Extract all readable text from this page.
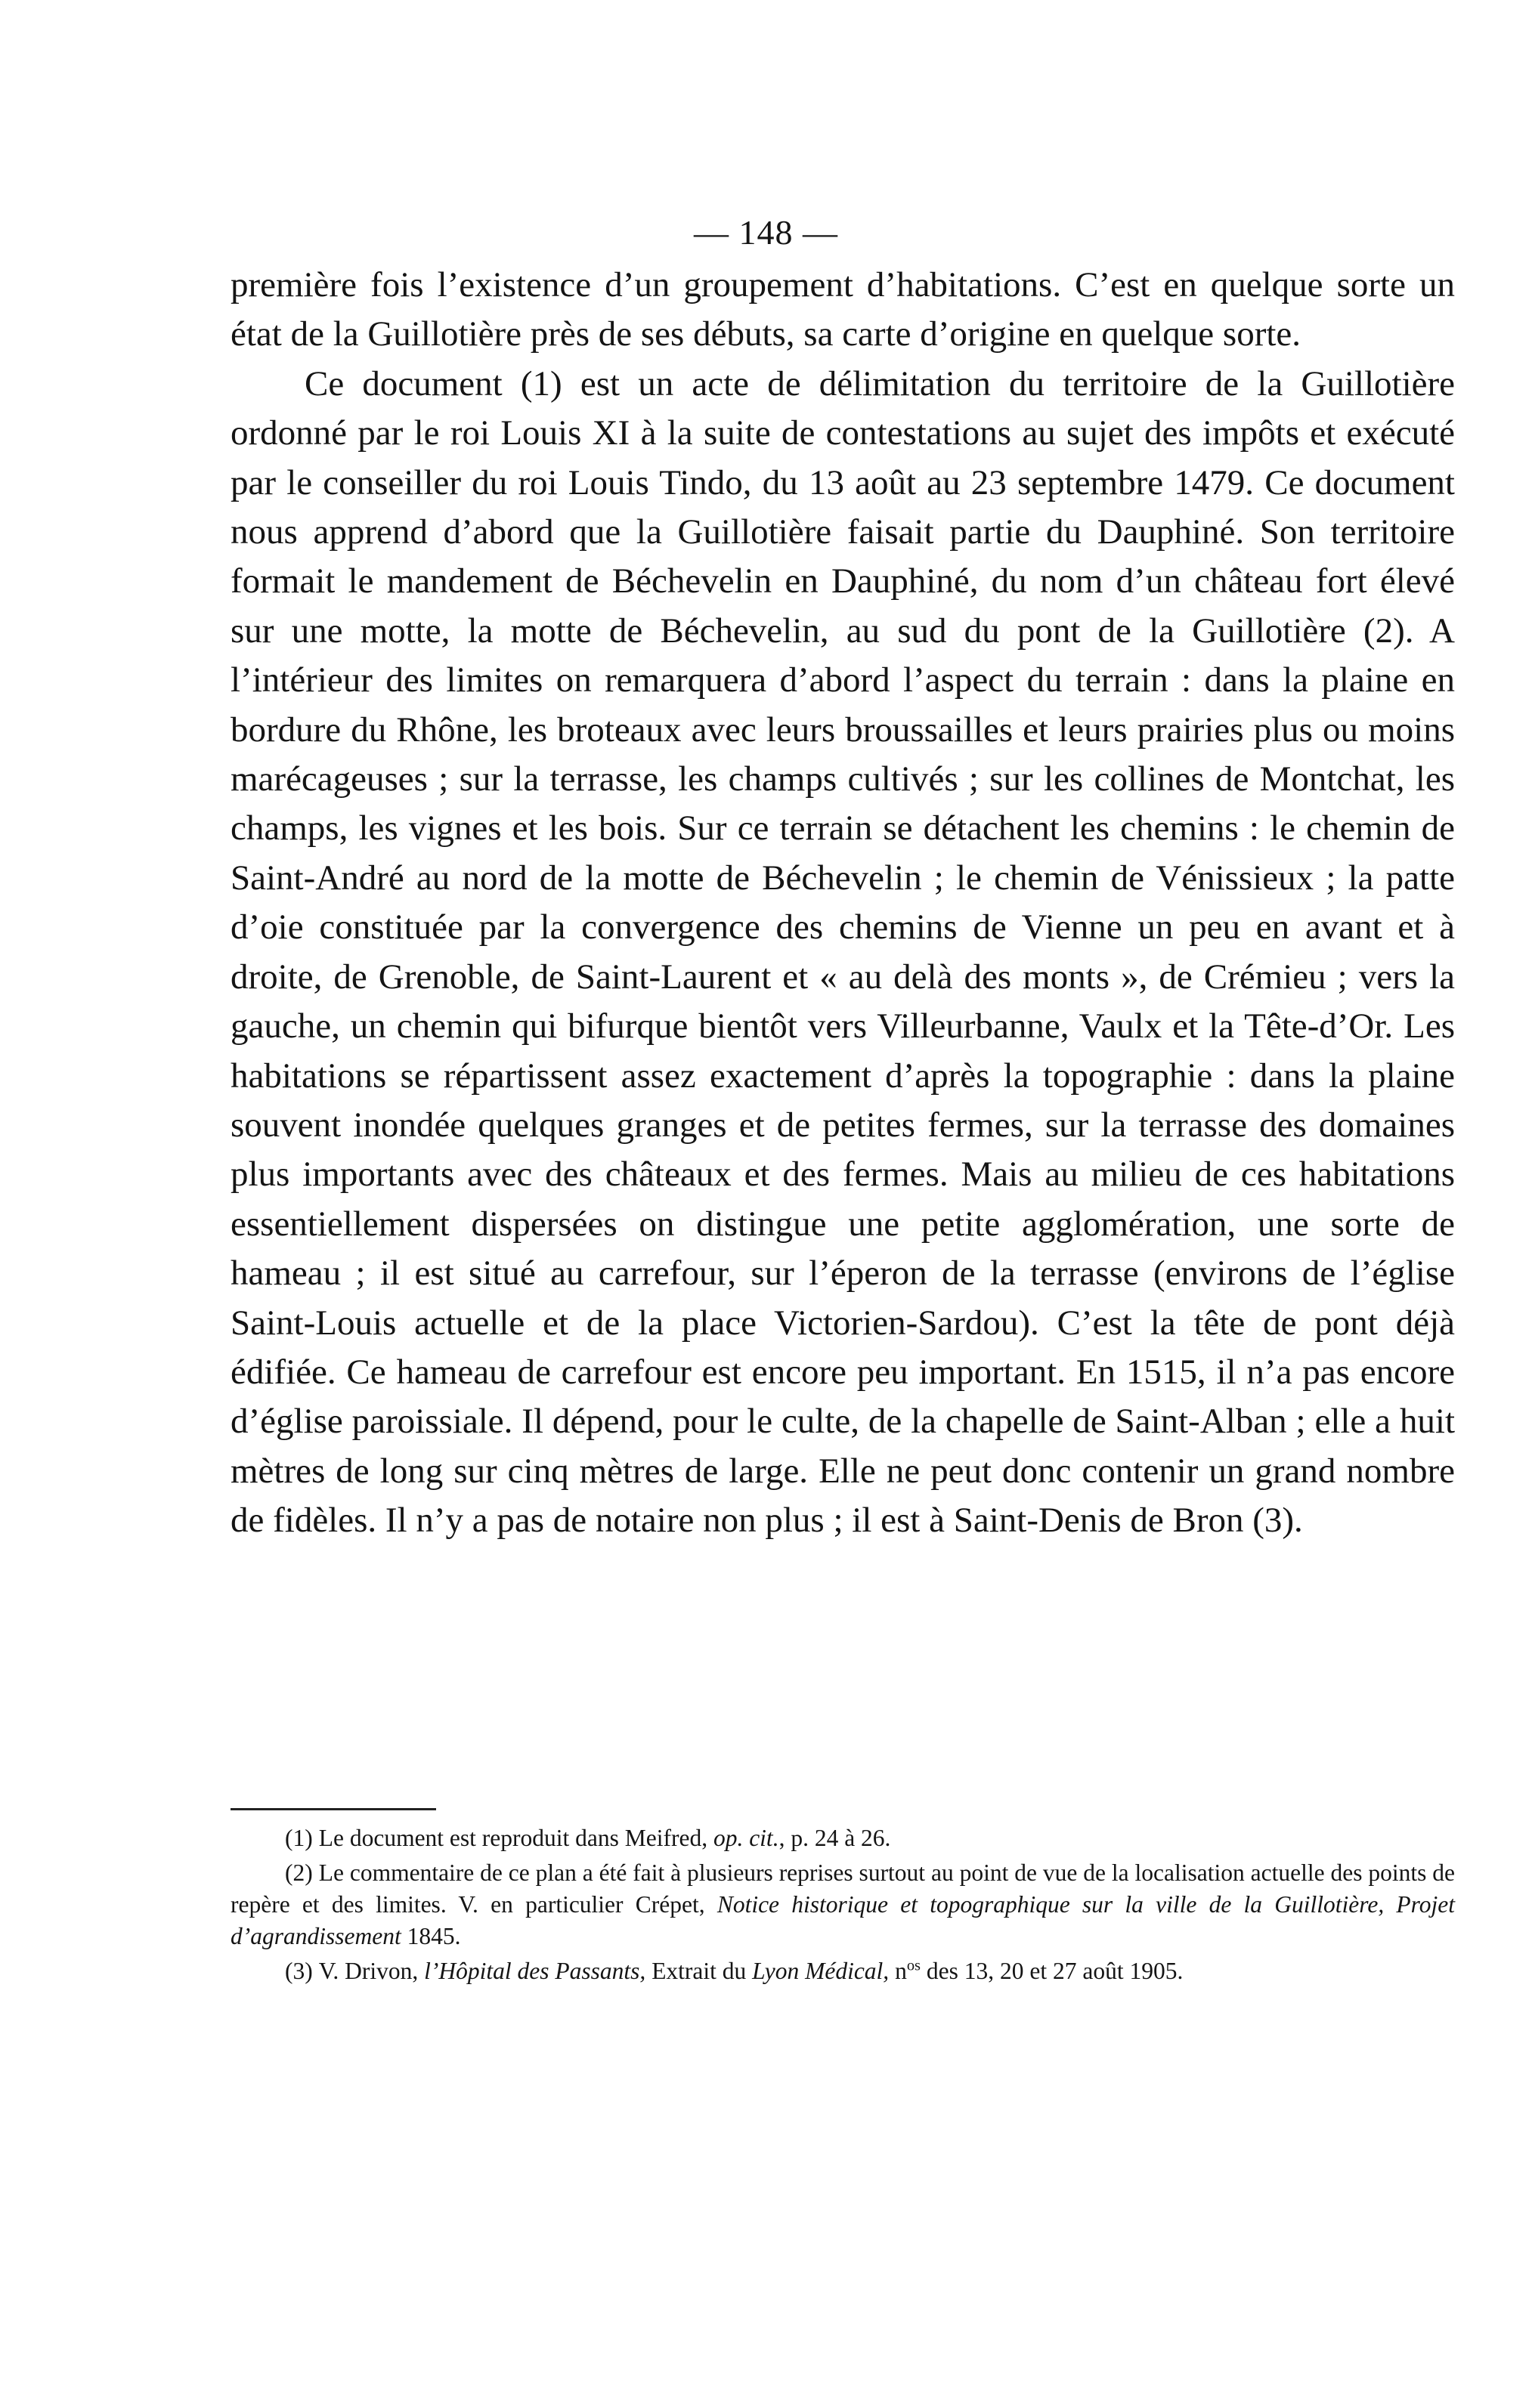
— 148 —

première fois l’existence d’un groupement d’habitations. C’est en quelque sorte un état de la Guillotière près de ses débuts, sa carte d’origine en quelque sorte.

Ce document (1) est un acte de délimitation du territoire de la Guillotière ordonné par le roi Louis XI à la suite de contestations au sujet des impôts et exécuté par le conseiller du roi Louis Tindo, du 13 août au 23 septembre 1479. Ce document nous apprend d’abord que la Guillotière faisait partie du Dauphiné. Son territoire formait le mandement de Béchevelin en Dauphiné, du nom d’un château fort élevé sur une motte, la motte de Béchevelin, au sud du pont de la Guillotière (2). A l’intérieur des limites on remarquera d’abord l’aspect du terrain : dans la plaine en bordure du Rhône, les broteaux avec leurs broussailles et leurs prairies plus ou moins marécageuses ; sur la terrasse, les champs cultivés ; sur les collines de Montchat, les champs, les vignes et les bois. Sur ce terrain se détachent les chemins : le chemin de Saint-André au nord de la motte de Béchevelin ; le chemin de Vénissieux ; la patte d’oie constituée par la convergence des chemins de Vienne un peu en avant et à droite, de Grenoble, de Saint-Laurent et « au delà des monts », de Crémieu ; vers la gauche, un chemin qui bifurque bientôt vers Villeurbanne, Vaulx et la Tête-d’Or. Les habitations se répartissent assez exactement d’après la topographie : dans la plaine souvent inondée quelques granges et de petites fermes, sur la terrasse des domaines plus importants avec des châteaux et des fermes. Mais au milieu de ces habitations essentiellement dispersées on distingue une petite agglomération, une sorte de hameau ; il est situé au carrefour, sur l’éperon de la terrasse (environs de l’église Saint-Louis actuelle et de la place Victorien-Sardou). C’est la tête de pont déjà édifiée. Ce hameau de carrefour est encore peu important. En 1515, il n’a pas encore d’église paroissiale. Il dépend, pour le culte, de la chapelle de Saint-Alban ; elle a huit mètres de long sur cinq mètres de large. Elle ne peut donc contenir un grand nombre de fidèles. Il n’y a pas de notaire non plus ; il est à Saint-Denis de Bron (3).

(1) Le document est reproduit dans Meifred, op. cit., p. 24 à 26.

(2) Le commentaire de ce plan a été fait à plusieurs reprises surtout au point de vue de la localisation actuelle des points de repère et des limites. V. en particulier Crépet, Notice historique et topographique sur la ville de la Guillotière, Projet d’agrandissement 1845.

(3) V. Drivon, l’Hôpital des Passants, Extrait du Lyon Médical, $n^{os}$ des 13, 20 et 27 août 1905.
